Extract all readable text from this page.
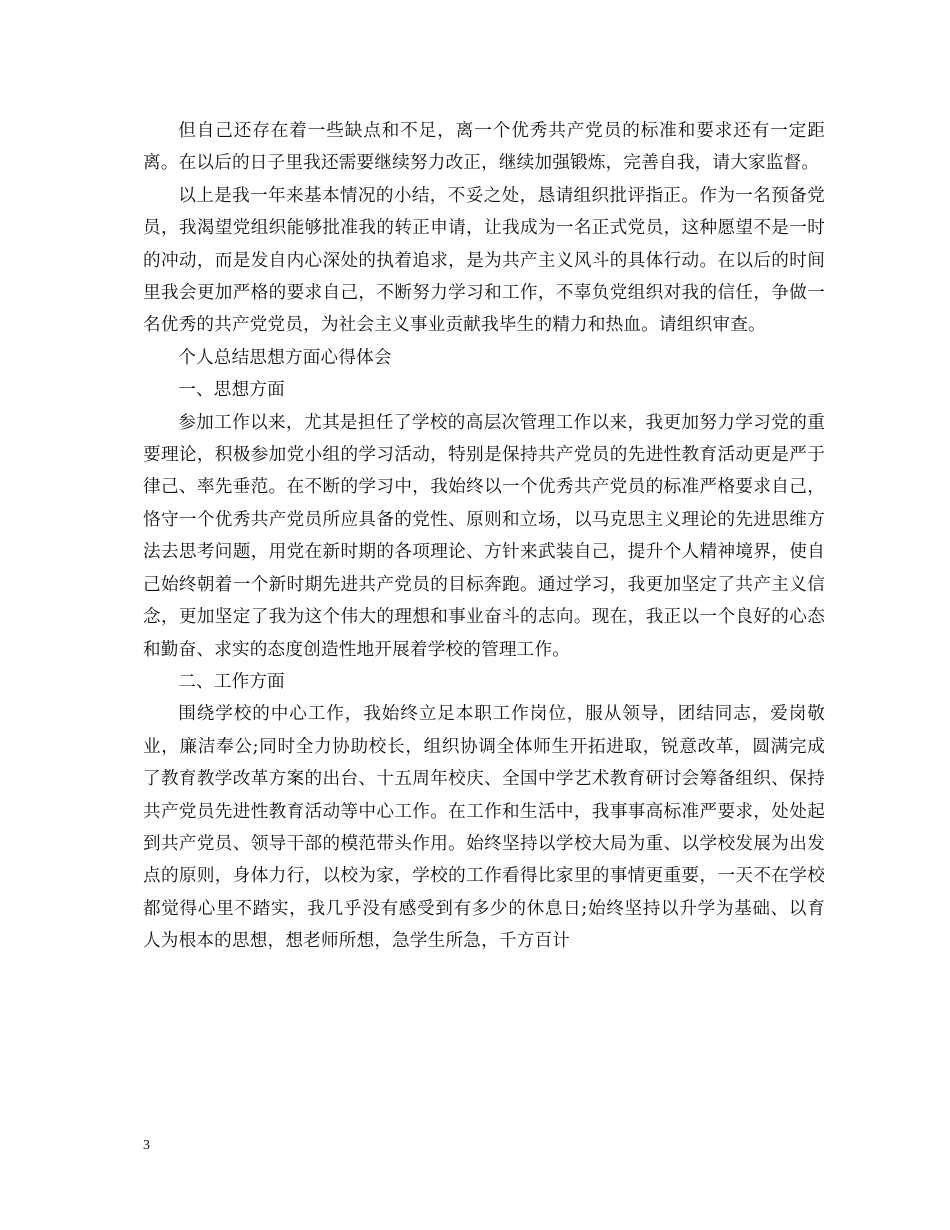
但自己还存在着一些缺点和不足，离一个优秀共产党员的标准和要求还有一定距离。在以后的日子里我还需要继续努力改正，继续加强锻炼，完善自我，请大家监督。

以上是我一年来基本情况的小结，不妥之处，恳请组织批评指正。作为一名预备党员，我渴望党组织能够批准我的转正申请，让我成为一名正式党员，这种愿望不是一时的冲动，而是发自内心深处的执着追求，是为共产主义风斗的具体行动。在以后的时间里我会更加严格的要求自己，不断努力学习和工作，不辜负党组织对我的信任，争做一名优秀的共产党党员，为社会主义事业贡献我毕生的精力和热血。请组织审查。

个人总结思想方面心得体会

一、思想方面

参加工作以来，尤其是担任了学校的高层次管理工作以来，我更加努力学习党的重要理论，积极参加党小组的学习活动，特别是保持共产党员的先进性教育活动更是严于律己、率先垂范。在不断的学习中，我始终以一个优秀共产党员的标准严格要求自己，恪守一个优秀共产党员所应具备的党性、原则和立场，以马克思主义理论的先进思维方法去思考问题，用党在新时期的各项理论、方针来武装自己，提升个人精神境界，使自己始终朝着一个新时期先进共产党员的目标奔跑。通过学习，我更加坚定了共产主义信念，更加坚定了我为这个伟大的理想和事业奋斗的志向。现在，我正以一个良好的心态和勤奋、求实的态度创造性地开展着学校的管理工作。

二、工作方面

围绕学校的中心工作，我始终立足本职工作岗位，服从领导，团结同志，爱岗敬业，廉洁奉公;同时全力协助校长，组织协调全体师生开拓进取，锐意改革，圆满完成了教育教学改革方案的出台、十五周年校庆、全国中学艺术教育研讨会筹备组织、保持共产党员先进性教育活动等中心工作。在工作和生活中，我事事高标准严要求，处处起到共产党员、领导干部的模范带头作用。始终坚持以学校大局为重、以学校发展为出发点的原则，身体力行，以校为家，学校的工作看得比家里的事情更重要，一天不在学校都觉得心里不踏实，我几乎没有感受到有多少的休息日;始终坚持以升学为基础、以育人为根本的思想，想老师所想，急学生所急，千方百计

3
